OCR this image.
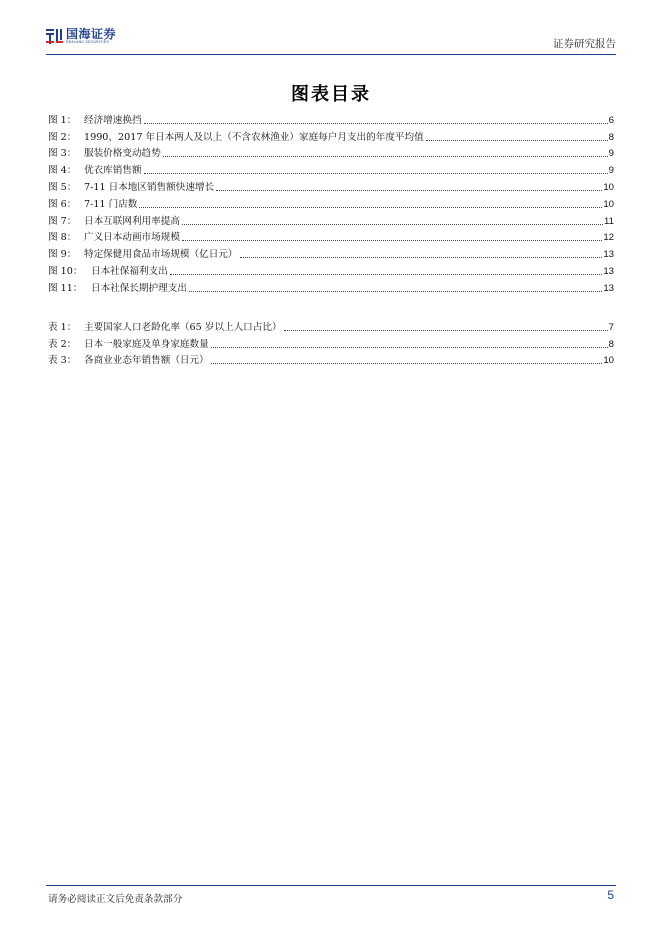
国海证券
SEALAND SECURITIES	证券研究报告
图表目录
图 1： 经济增速换挡	6
图 2： 1990、2017 年日本两人及以上（不含农林渔业）家庭每户月支出的年度平均值	8
图 3： 服装价格变动趋势	9
图 4： 优衣库销售额	9
图 5： 7-11 日本地区销售额快速增长	10
图 6： 7-11 门店数	10
图 7： 日本互联网利用率提高	11
图 8： 广义日本动画市场规模	12
图 9： 特定保健用食品市场规模（亿日元）	13
图 10： 日本社保福利支出	13
图 11： 日本社保长期护理支出	13
表 1： 主要国家人口老龄化率（65 岁以上人口占比）	7
表 2： 日本一般家庭及单身家庭数量	8
表 3： 各商业业态年销售额（日元）	10
请务必阅读正文后免责条款部分	5
